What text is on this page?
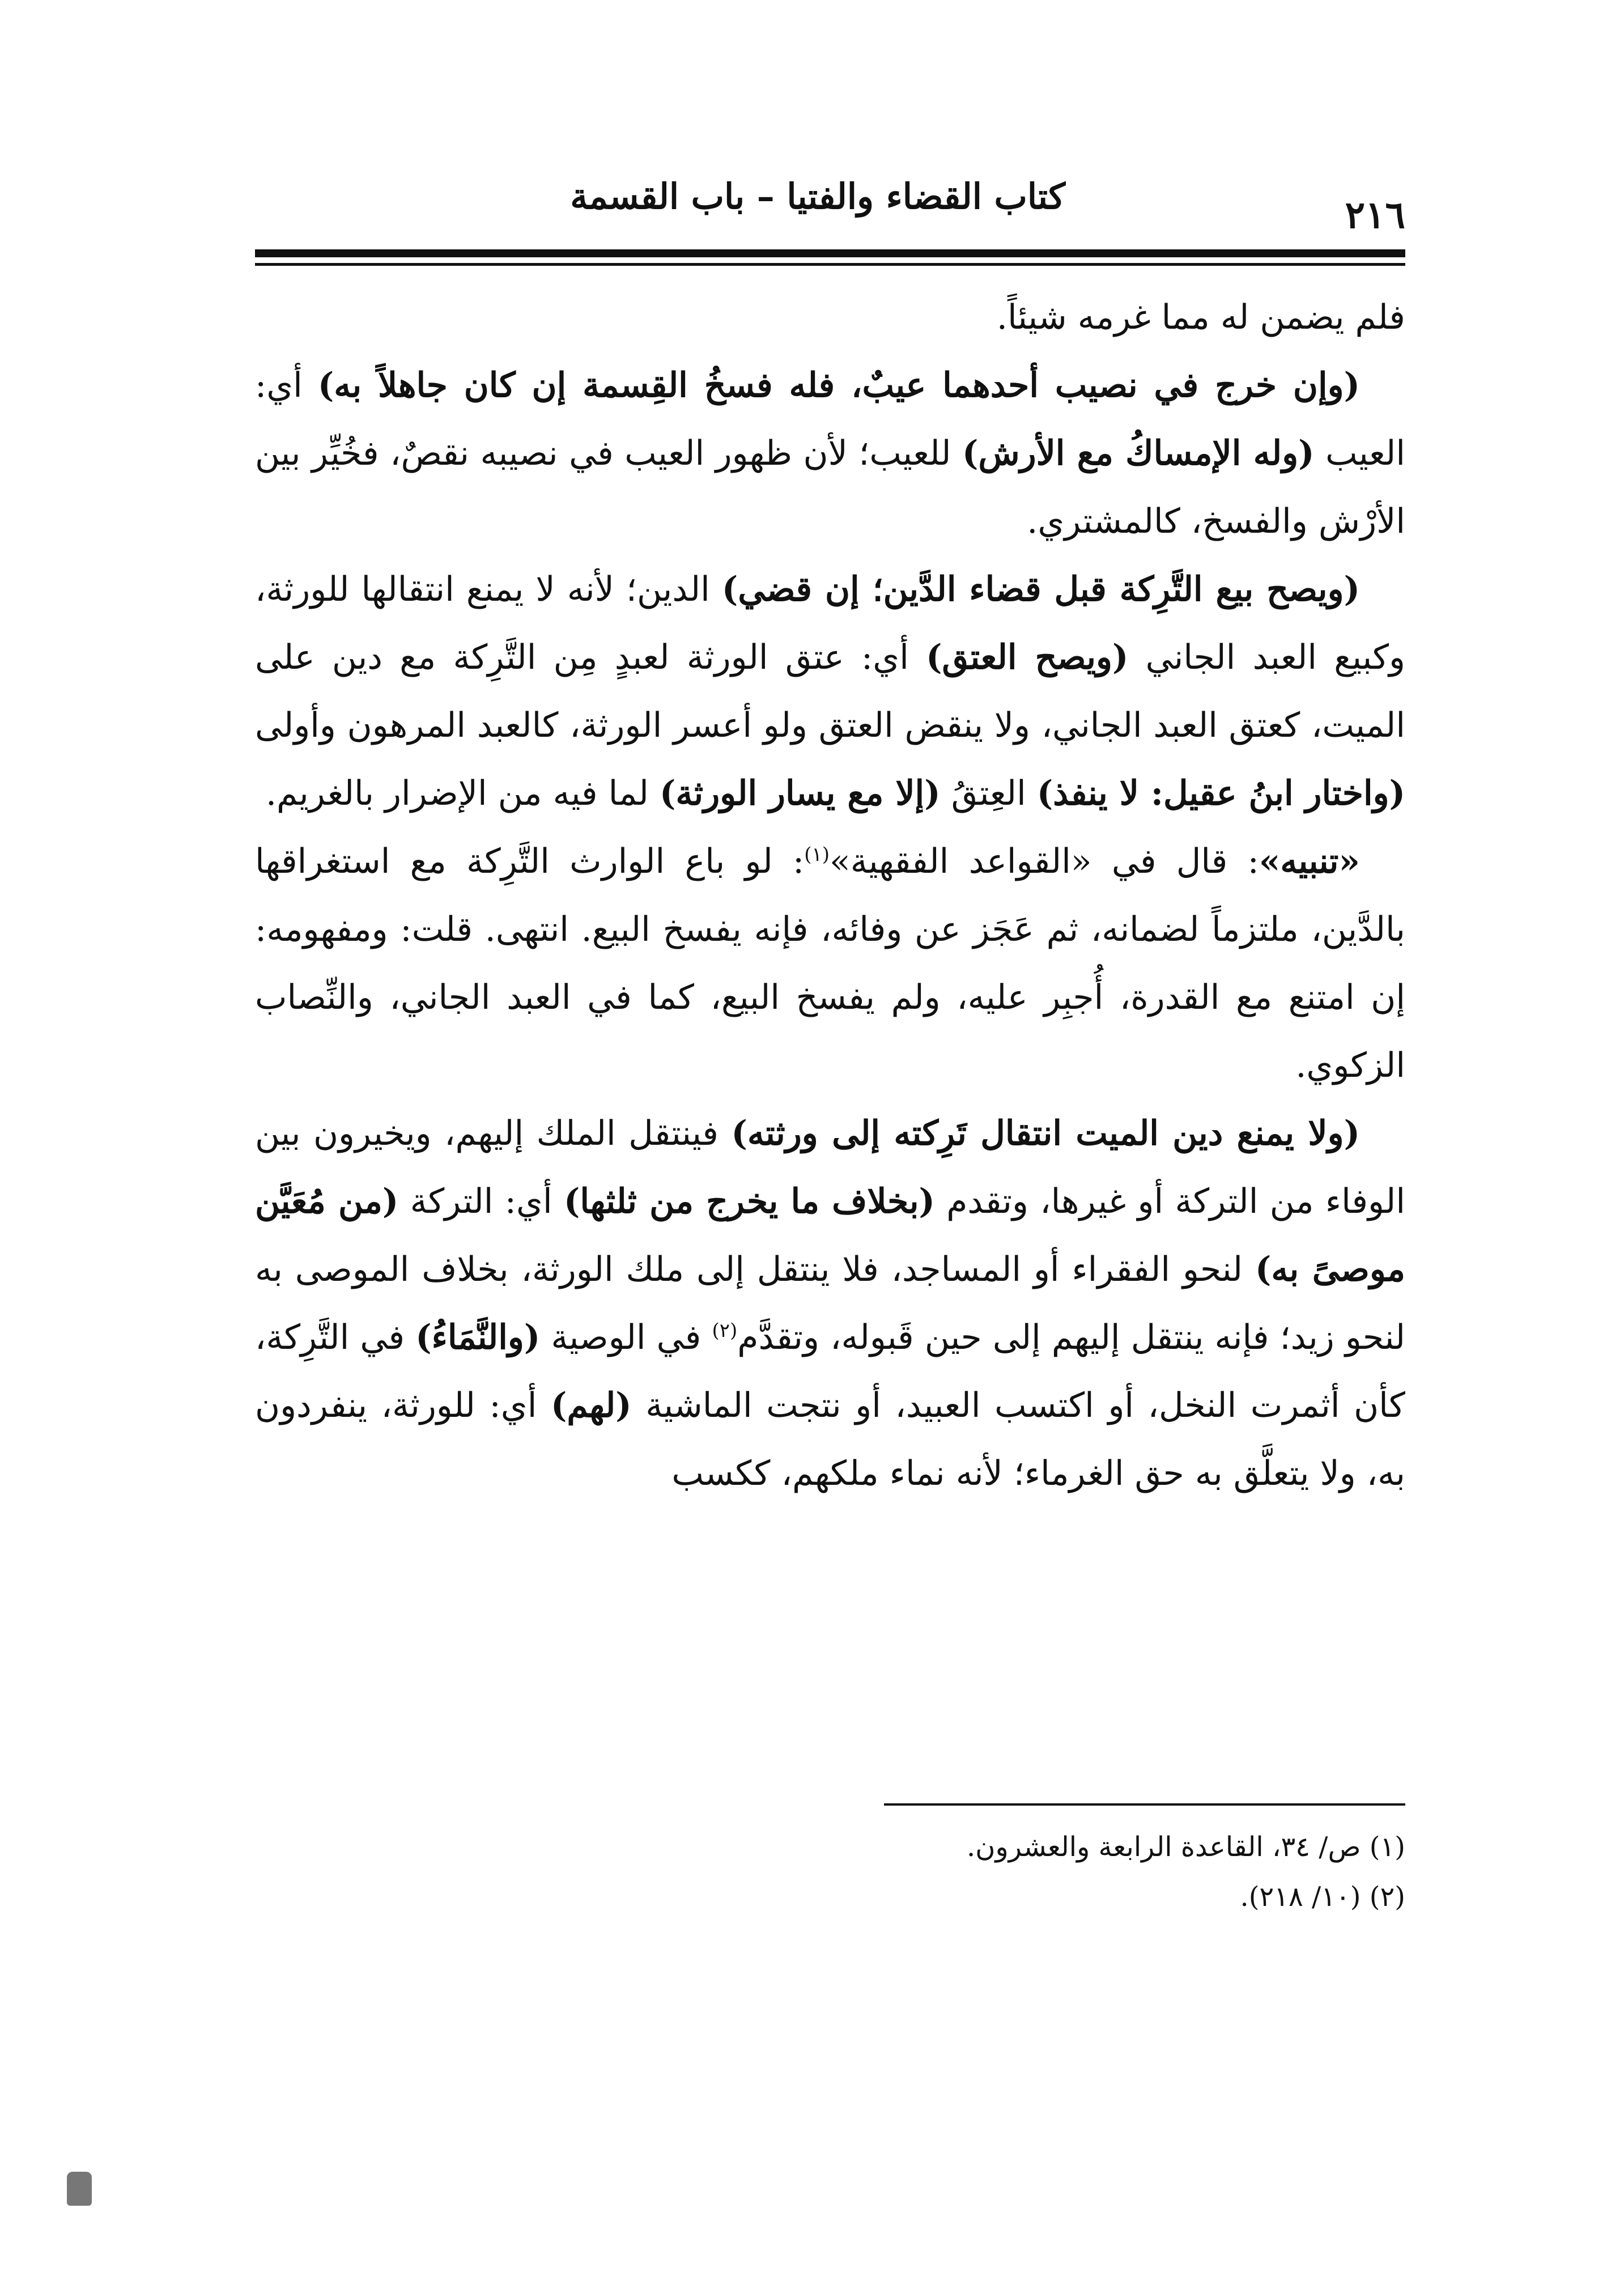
كتاب القضاء والفتيا – باب القسمة	٢١٦

فلم يضمن له مما غرمه شيئاً.

(وإن خرج في نصيب أحدهما عيبٌ، فله فسخُ القِسمة إن كان جاهلاً به) أي: العيب (وله الإمساكُ مع الأرش) للعيب؛ لأن ظهور العيب في نصيبه نقصٌ، فخُيِّر بين الأرْش والفسخ، كالمشتري.

(ويصح بيع التَّرِكة قبل قضاء الدَّين؛ إن قضي) الدين؛ لأنه لا يمنع انتقالها للورثة، وكبيع العبد الجاني (ويصح العتق) أي: عتق الورثة لعبدٍ مِن التَّرِكة مع دين على الميت، كعتق العبد الجاني، ولا ينقض العتق ولو أعسر الورثة، كالعبد المرهون وأولى (واختار ابنُ عقيل: لا ينفذ) العِتقُ (إلا مع يسار الورثة) لما فيه من الإضرار بالغريم.

«تنبيه»: قال في «القواعد الفقهية»$^{(١)}$: لو باع الوارث التَّرِكة مع استغراقها بالدَّين، ملتزماً لضمانه، ثم عَجَز عن وفائه، فإنه يفسخ البيع. انتهى. قلت: ومفهومه: إن امتنع مع القدرة، أُجبِر عليه، ولم يفسخ البيع، كما في العبد الجاني، والنِّصاب الزكوي.

(ولا يمنع دين الميت انتقال تَرِكته إلى ورثته) فينتقل الملك إليهم، ويخيرون بين الوفاء من التركة أو غيرها، وتقدم (بخلاف ما يخرج من ثلثها) أي: التركة (من مُعَيَّن موصىً به) لنحو الفقراء أو المساجد، فلا ينتقل إلى ملك الورثة، بخلاف الموصى به لنحو زيد؛ فإنه ينتقل إليهم إلى حين قَبوله، وتقدَّم$^{(٢)}$ في الوصية (والنَّمَاءُ) في التَّرِكة، كأن أثمرت النخل، أو اكتسب العبيد، أو نتجت الماشية (لهم) أي: للورثة، ينفردون به، ولا يتعلَّق به حق الغرماء؛ لأنه نماء ملكهم، ككسب

(١) ص/ ٣٤، القاعدة الرابعة والعشرون.

(٢) (١٠/ ٢١٨).
